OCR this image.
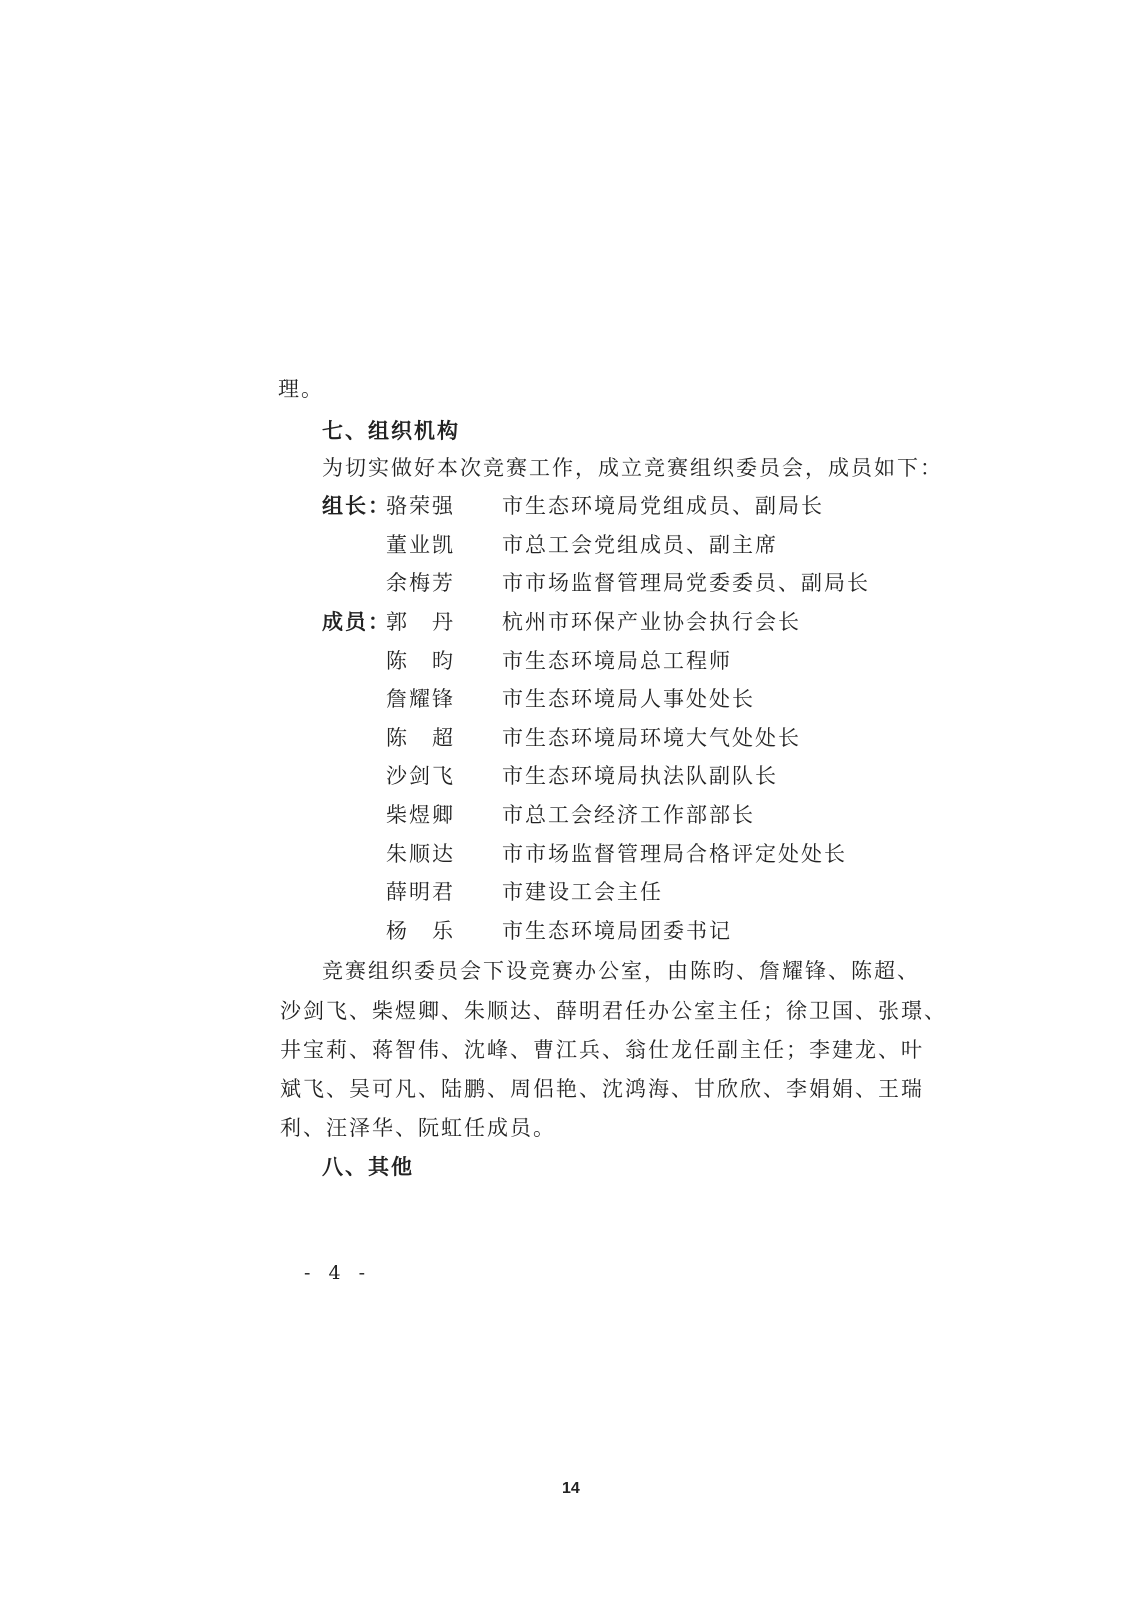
理。
七、组织机构
为切实做好本次竞赛工作，成立竞赛组织委员会，成员如下：
组长：
成员：
骆荣强 市生态环境局党组成员、副局长
董业凯 市总工会党组成员、副主席
余梅芳 市市场监督管理局党委委员、副局长
郭　丹 杭州市环保产业协会执行会长
陈　昀 市生态环境局总工程师
詹耀锋 市生态环境局人事处处长
陈　超 市生态环境局环境大气处处长
沙剑飞 市生态环境局执法队副队长
柴煜卿 市总工会经济工作部部长
朱顺达 市市场监督管理局合格评定处处长
薛明君 市建设工会主任
杨　乐 市生态环境局团委书记
竞赛组织委员会下设竞赛办公室，由陈昀、詹耀锋、陈超、
沙剑飞、柴煜卿、朱顺达、薛明君任办公室主任；徐卫国、张璟、
井宝莉、蒋智伟、沈峰、曹江兵、翁仕龙任副主任；李建龙、叶
斌飞、吴可凡、陆鹏、周侣艳、沈鸿海、甘欣欣、李娟娟、王瑞
利、汪泽华、阮虹任成员。
八、其他
- 4 -
14
